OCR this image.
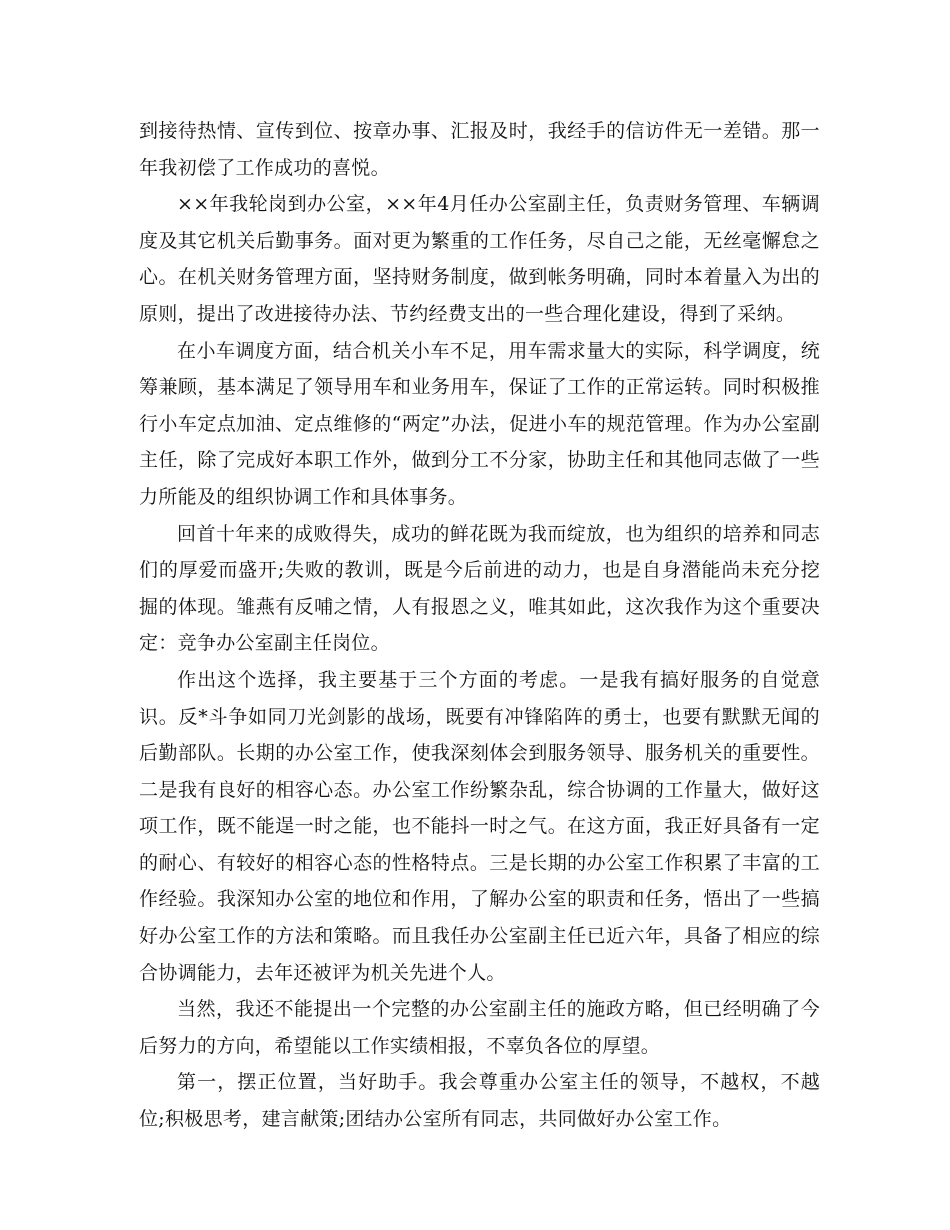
到接待热情、宣传到位、按章办事、汇报及时，我经手的信访件无一差错。那一年我初偿了工作成功的喜悦。

××年我轮岗到办公室，××年4月任办公室副主任，负责财务管理、车辆调度及其它机关后勤事务。面对更为繁重的工作任务，尽自己之能，无丝毫懈怠之心。在机关财务管理方面，坚持财务制度，做到帐务明确，同时本着量入为出的原则，提出了改进接待办法、节约经费支出的一些合理化建设，得到了采纳。

在小车调度方面，结合机关小车不足，用车需求量大的实际，科学调度，统筹兼顾，基本满足了领导用车和业务用车，保证了工作的正常运转。同时积极推行小车定点加油、定点维修的“两定”办法，促进小车的规范管理。作为办公室副主任，除了完成好本职工作外，做到分工不分家，协助主任和其他同志做了一些力所能及的组织协调工作和具体事务。

回首十年来的成败得失，成功的鲜花既为我而绽放，也为组织的培养和同志们的厚爱而盛开;失败的教训，既是今后前进的动力，也是自身潜能尚未充分挖掘的体现。雏燕有反哺之情，人有报恩之义，唯其如此，这次我作为这个重要决定：竞争办公室副主任岗位。

作出这个选择，我主要基于三个方面的考虑。一是我有搞好服务的自觉意识。反*斗争如同刀光剑影的战场，既要有冲锋陷阵的勇士，也要有默默无闻的后勤部队。长期的办公室工作，使我深刻体会到服务领导、服务机关的重要性。二是我有良好的相容心态。办公室工作纷繁杂乱，综合协调的工作量大，做好这项工作，既不能逞一时之能，也不能抖一时之气。在这方面，我正好具备有一定的耐心、有较好的相容心态的性格特点。三是长期的办公室工作积累了丰富的工作经验。我深知办公室的地位和作用，了解办公室的职责和任务，悟出了一些搞好办公室工作的方法和策略。而且我任办公室副主任已近六年，具备了相应的综合协调能力，去年还被评为机关先进个人。

当然，我还不能提出一个完整的办公室副主任的施政方略，但已经明确了今后努力的方向，希望能以工作实绩相报，不辜负各位的厚望。

第一，摆正位置，当好助手。我会尊重办公室主任的领导，不越权，不越位;积极思考，建言献策;团结办公室所有同志，共同做好办公室工作。
